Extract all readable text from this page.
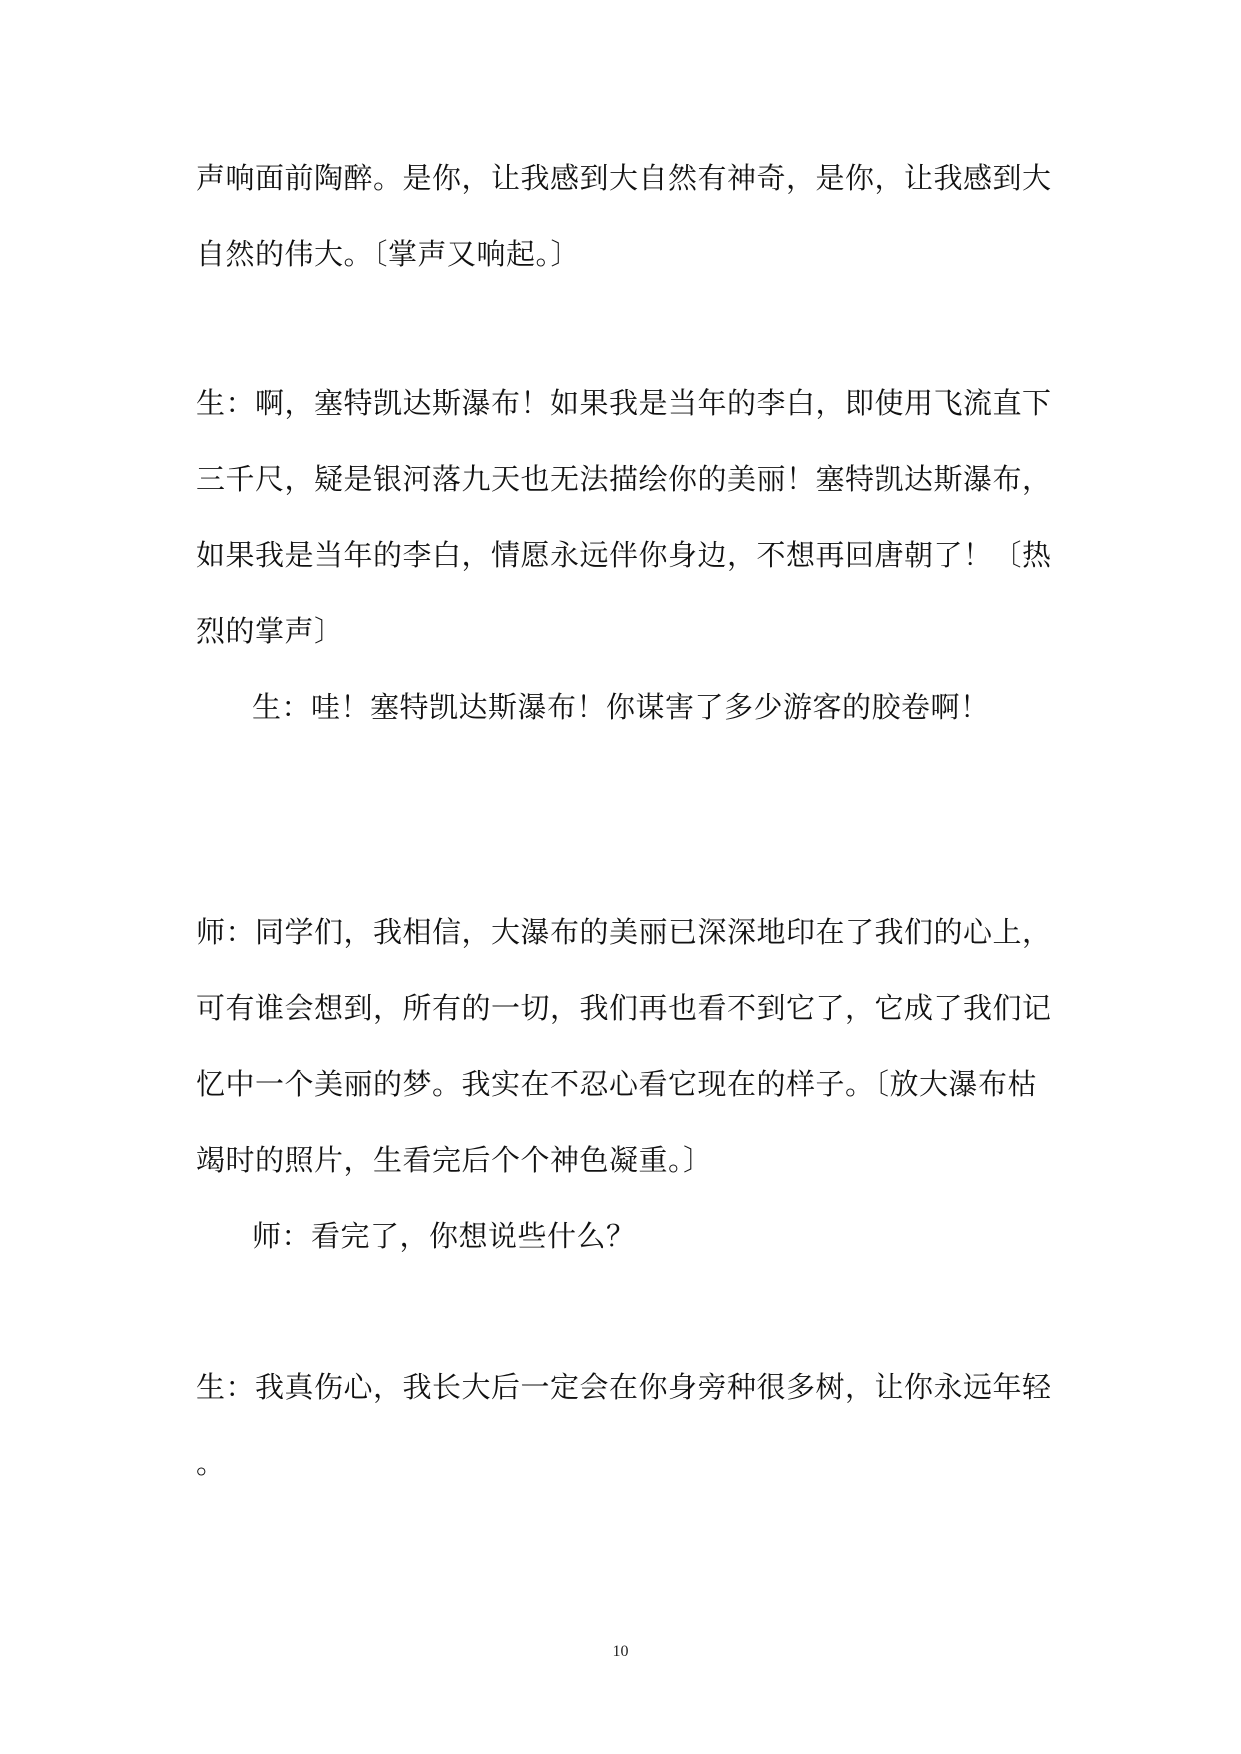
声响面前陶醉。是你，让我感到大自然有神奇，是你，让我感到大
自然的伟大。〔掌声又响起。〕
生：啊，塞特凯达斯瀑布！如果我是当年的李白，即使用飞流直下
三千尺，疑是银河落九天也无法描绘你的美丽！塞特凯达斯瀑布，
如果我是当年的李白，情愿永远伴你身边，不想再回唐朝了！〔热
烈的掌声〕
生：哇！塞特凯达斯瀑布！你谋害了多少游客的胶卷啊！
师：同学们，我相信，大瀑布的美丽已深深地印在了我们的心上，
可有谁会想到，所有的一切，我们再也看不到它了，它成了我们记
忆中一个美丽的梦。我实在不忍心看它现在的样子。〔放大瀑布枯
竭时的照片，生看完后个个神色凝重。〕
师：看完了，你想说些什么？
生：我真伤心，我长大后一定会在你身旁种很多树，让你永远年轻
。
10
